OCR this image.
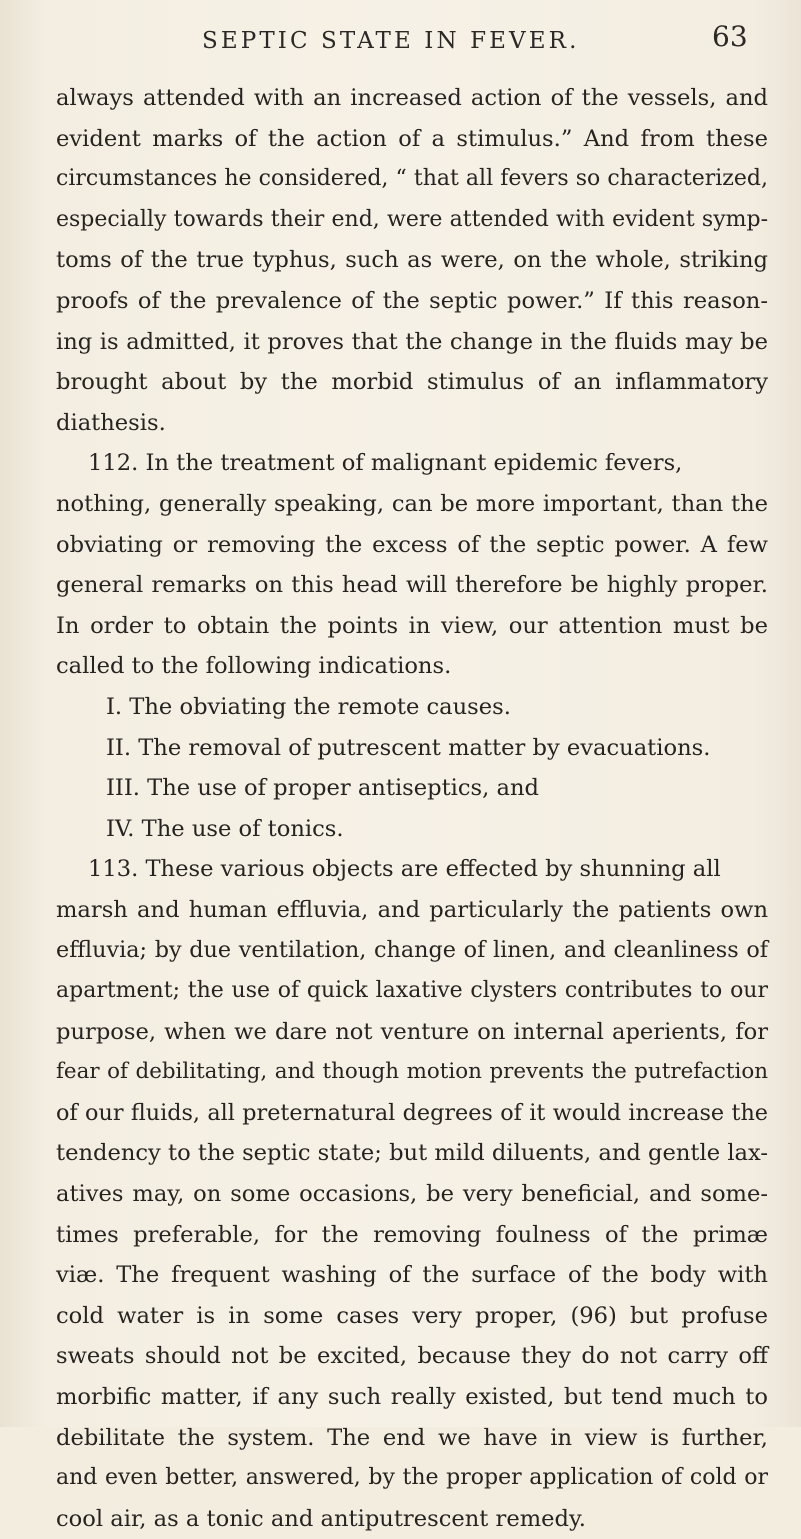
SEPTIC STATE IN FEVER.	63
always attended with an increased action of the vessels, and
evident marks of the action of a stimulus.” And from these
circumstances he considered, “ that all fevers so characterized,
especially towards their end, were attended with evident symp-
toms of the true typhus, such as were, on the whole, striking
proofs of the prevalence of the septic power.” If this reason-
ing is admitted, it proves that the change in the fluids may be
brought about by the morbid stimulus of an inflammatory
diathesis.
112. In the treatment of malignant epidemic fevers,
nothing, generally speaking, can be more important, than the
obviating or removing the excess of the septic power. A few
general remarks on this head will therefore be highly proper.
In order to obtain the points in view, our attention must be
called to the following indications.
I. The obviating the remote causes.
II. The removal of putrescent matter by evacuations.
III. The use of proper antiseptics, and
IV. The use of tonics.
113. These various objects are effected by shunning all
marsh and human effluvia, and particularly the patients own
effluvia; by due ventilation, change of linen, and cleanliness of
apartment; the use of quick laxative clysters contributes to our
purpose, when we dare not venture on internal aperients, for
fear of debilitating, and though motion prevents the putrefaction
of our fluids, all preternatural degrees of it would increase the
tendency to the septic state; but mild diluents, and gentle lax-
atives may, on some occasions, be very beneficial, and some-
times preferable, for the removing foulness of the primæ
viæ. The frequent washing of the surface of the body with
cold water is in some cases very proper, (96) but profuse
sweats should not be excited, because they do not carry off
morbific matter, if any such really existed, but tend much to
debilitate the system. The end we have in view is further,
and even better, answered, by the proper application of cold or
cool air, as a tonic and antiputrescent remedy.
